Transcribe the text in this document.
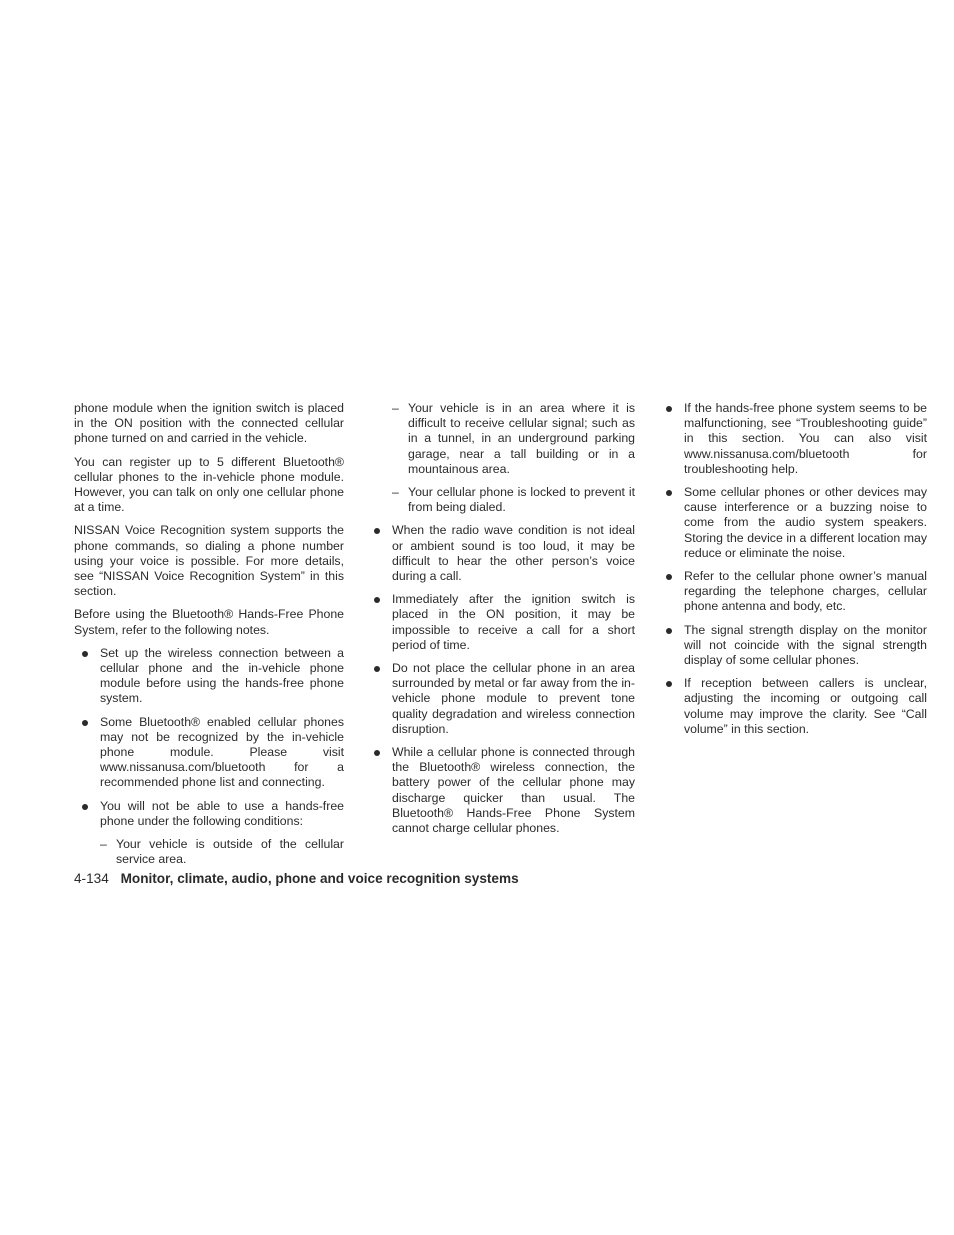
phone module when the ignition switch is placed in the ON position with the connected cellular phone turned on and carried in the vehicle.

You can register up to 5 different Bluetooth® cellular phones to the in-vehicle phone module. However, you can talk on only one cellular phone at a time.

NISSAN Voice Recognition system supports the phone commands, so dialing a phone number using your voice is possible. For more details, see “NISSAN Voice Recognition System” in this section.

Before using the Bluetooth® Hands-Free Phone System, refer to the following notes.

Set up the wireless connection between a cellular phone and the in-vehicle phone module before using the hands-free phone system.
Some Bluetooth® enabled cellular phones may not be recognized by the in-vehicle phone module. Please visit www.nissanusa.com/bluetooth for a recommended phone list and connecting.
You will not be able to use a hands-free phone under the following conditions:
– Your vehicle is outside of the cellular service area.
– Your vehicle is in an area where it is difficult to receive cellular signal; such as in a tunnel, in an underground parking garage, near a tall building or in a mountainous area.
– Your cellular phone is locked to prevent it from being dialed.
When the radio wave condition is not ideal or ambient sound is too loud, it may be difficult to hear the other person’s voice during a call.
Immediately after the ignition switch is placed in the ON position, it may be impossible to receive a call for a short period of time.
Do not place the cellular phone in an area surrounded by metal or far away from the in-vehicle phone module to prevent tone quality degradation and wireless connection disruption.
While a cellular phone is connected through the Bluetooth® wireless connection, the battery power of the cellular phone may discharge quicker than usual. The Bluetooth® Hands-Free Phone System cannot charge cellular phones.
If the hands-free phone system seems to be malfunctioning, see “Troubleshooting guide” in this section. You can also visit www.nissanusa.com/bluetooth for troubleshooting help.
Some cellular phones or other devices may cause interference or a buzzing noise to come from the audio system speakers. Storing the device in a different location may reduce or eliminate the noise.
Refer to the cellular phone owner’s manual regarding the telephone charges, cellular phone antenna and body, etc.
The signal strength display on the monitor will not coincide with the signal strength display of some cellular phones.
If reception between callers is unclear, adjusting the incoming or outgoing call volume may improve the clarity. See “Call volume” in this section.
4-134 Monitor, climate, audio, phone and voice recognition systems
